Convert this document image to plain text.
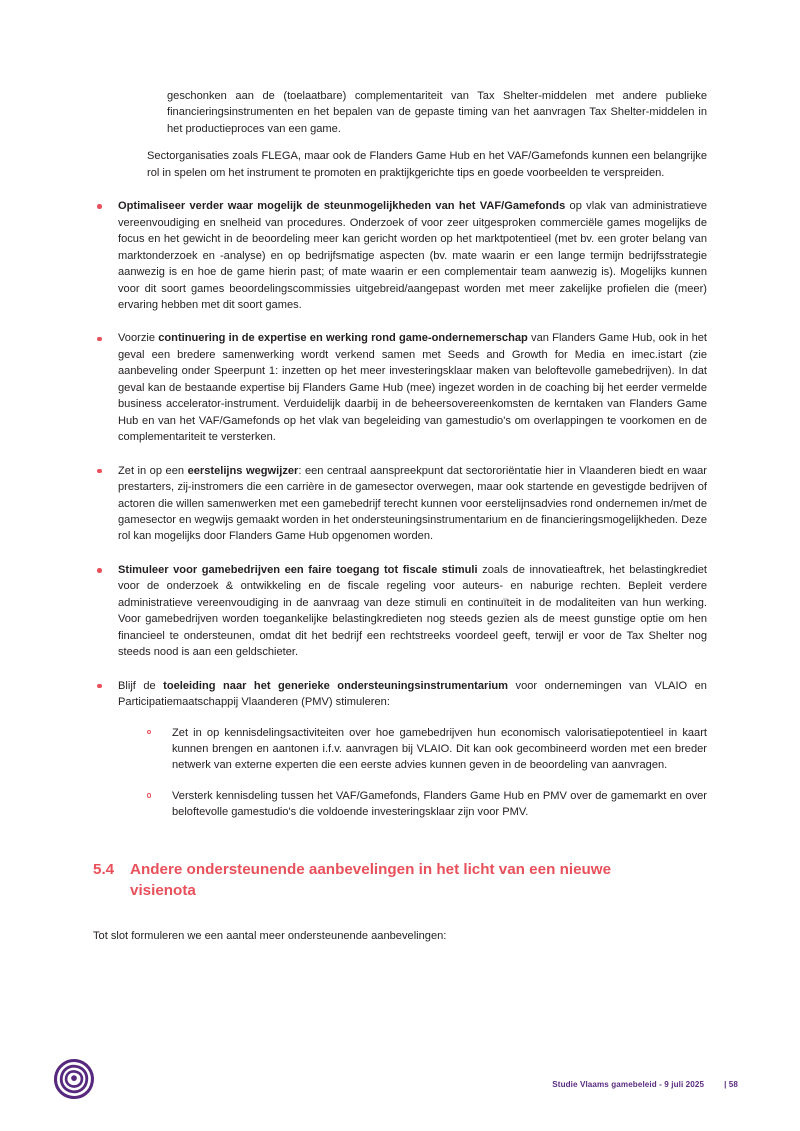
geschonken aan de (toelaatbare) complementariteit van Tax Shelter-middelen met andere publieke financieringsinstrumenten en het bepalen van de gepaste timing van het aanvragen Tax Shelter-middelen in het productieproces van een game.
Sectorganisaties zoals FLEGA, maar ook de Flanders Game Hub en het VAF/Gamefonds kunnen een belangrijke rol in spelen om het instrument te promoten en praktijkgerichte tips en goede voorbeelden te verspreiden.
Optimaliseer verder waar mogelijk de steunmogelijkheden van het VAF/Gamefonds op vlak van administratieve vereenvoudiging en snelheid van procedures. Onderzoek of voor zeer uitgesproken commerciële games mogelijks de focus en het gewicht in de beoordeling meer kan gericht worden op het marktpotentieel (met bv. een groter belang van marktonderzoek en -analyse) en op bedrijfsmatige aspecten (bv. mate waarin er een lange termijn bedrijfsstrategie aanwezig is en hoe de game hierin past; of mate waarin er een complementair team aanwezig is). Mogelijks kunnen voor dit soort games beoordelingscommissies uitgebreid/aangepast worden met meer zakelijke profielen die (meer) ervaring hebben met dit soort games.
Voorzie continuering in de expertise en werking rond game-ondernemerschap van Flanders Game Hub, ook in het geval een bredere samenwerking wordt verkend samen met Seeds and Growth for Media en imec.istart (zie aanbeveling onder Speerpunt 1: inzetten op het meer investeringsklaar maken van beloftevolle gamebedrijven). In dat geval kan de bestaande expertise bij Flanders Game Hub (mee) ingezet worden in de coaching bij het eerder vermelde business accelerator-instrument. Verduidelijk daarbij in de beheersovereenkomsten de kerntaken van Flanders Game Hub en van het VAF/Gamefonds op het vlak van begeleiding van gamestudio's om overlappingen te voorkomen en de complementariteit te versterken.
Zet in op een eerstelijns wegwijzer: een centraal aanspreekpunt dat sectororiëntatie hier in Vlaanderen biedt en waar prestarters, zij-instromers die een carrière in de gamesector overwegen, maar ook startende en gevestigde bedrijven of actoren die willen samenwerken met een gamebedrijf terecht kunnen voor eerstelijnsadvies rond ondernemen in/met de gamesector en wegwijs gemaakt worden in het ondersteuningsinstrumentarium en de financieringsmogelijkheden. Deze rol kan mogelijks door Flanders Game Hub opgenomen worden.
Stimuleer voor gamebedrijven een faire toegang tot fiscale stimuli zoals de innovatieaftrek, het belastingkrediet voor de onderzoek & ontwikkeling en de fiscale regeling voor auteurs- en naburige rechten. Bepleit verdere administratieve vereenvoudiging in de aanvraag van deze stimuli en continuïteit in de modaliteiten van hun werking. Voor gamebedrijven worden toegankelijke belastingkredieten nog steeds gezien als de meest gunstige optie om hen financieel te ondersteunen, omdat dit het bedrijf een rechtstreeks voordeel geeft, terwijl er voor de Tax Shelter nog steeds nood is aan een geldschieter.
Blijf de toeleiding naar het generieke ondersteuningsinstrumentarium voor ondernemingen van VLAIO en Participatiemaatschappij Vlaanderen (PMV) stimuleren:
Zet in op kennisdelingsactiviteiten over hoe gamebedrijven hun economisch valorisatiepotentieel in kaart kunnen brengen en aantonen i.f.v. aanvragen bij VLAIO. Dit kan ook gecombineerd worden met een breder netwerk van externe experten die een eerste advies kunnen geven in de beoordeling van aanvragen.
Versterk kennisdeling tussen het VAF/Gamefonds, Flanders Game Hub en PMV over de gamemarkt en over beloftevolle gamestudio's die voldoende investeringsklaar zijn voor PMV.
5.4	Andere ondersteunende aanbevelingen in het licht van een nieuwe visienota
Tot slot formuleren we een aantal meer ondersteunende aanbevelingen:
Studie Vlaams gamebeleid - 9 juli 2025 | 58
